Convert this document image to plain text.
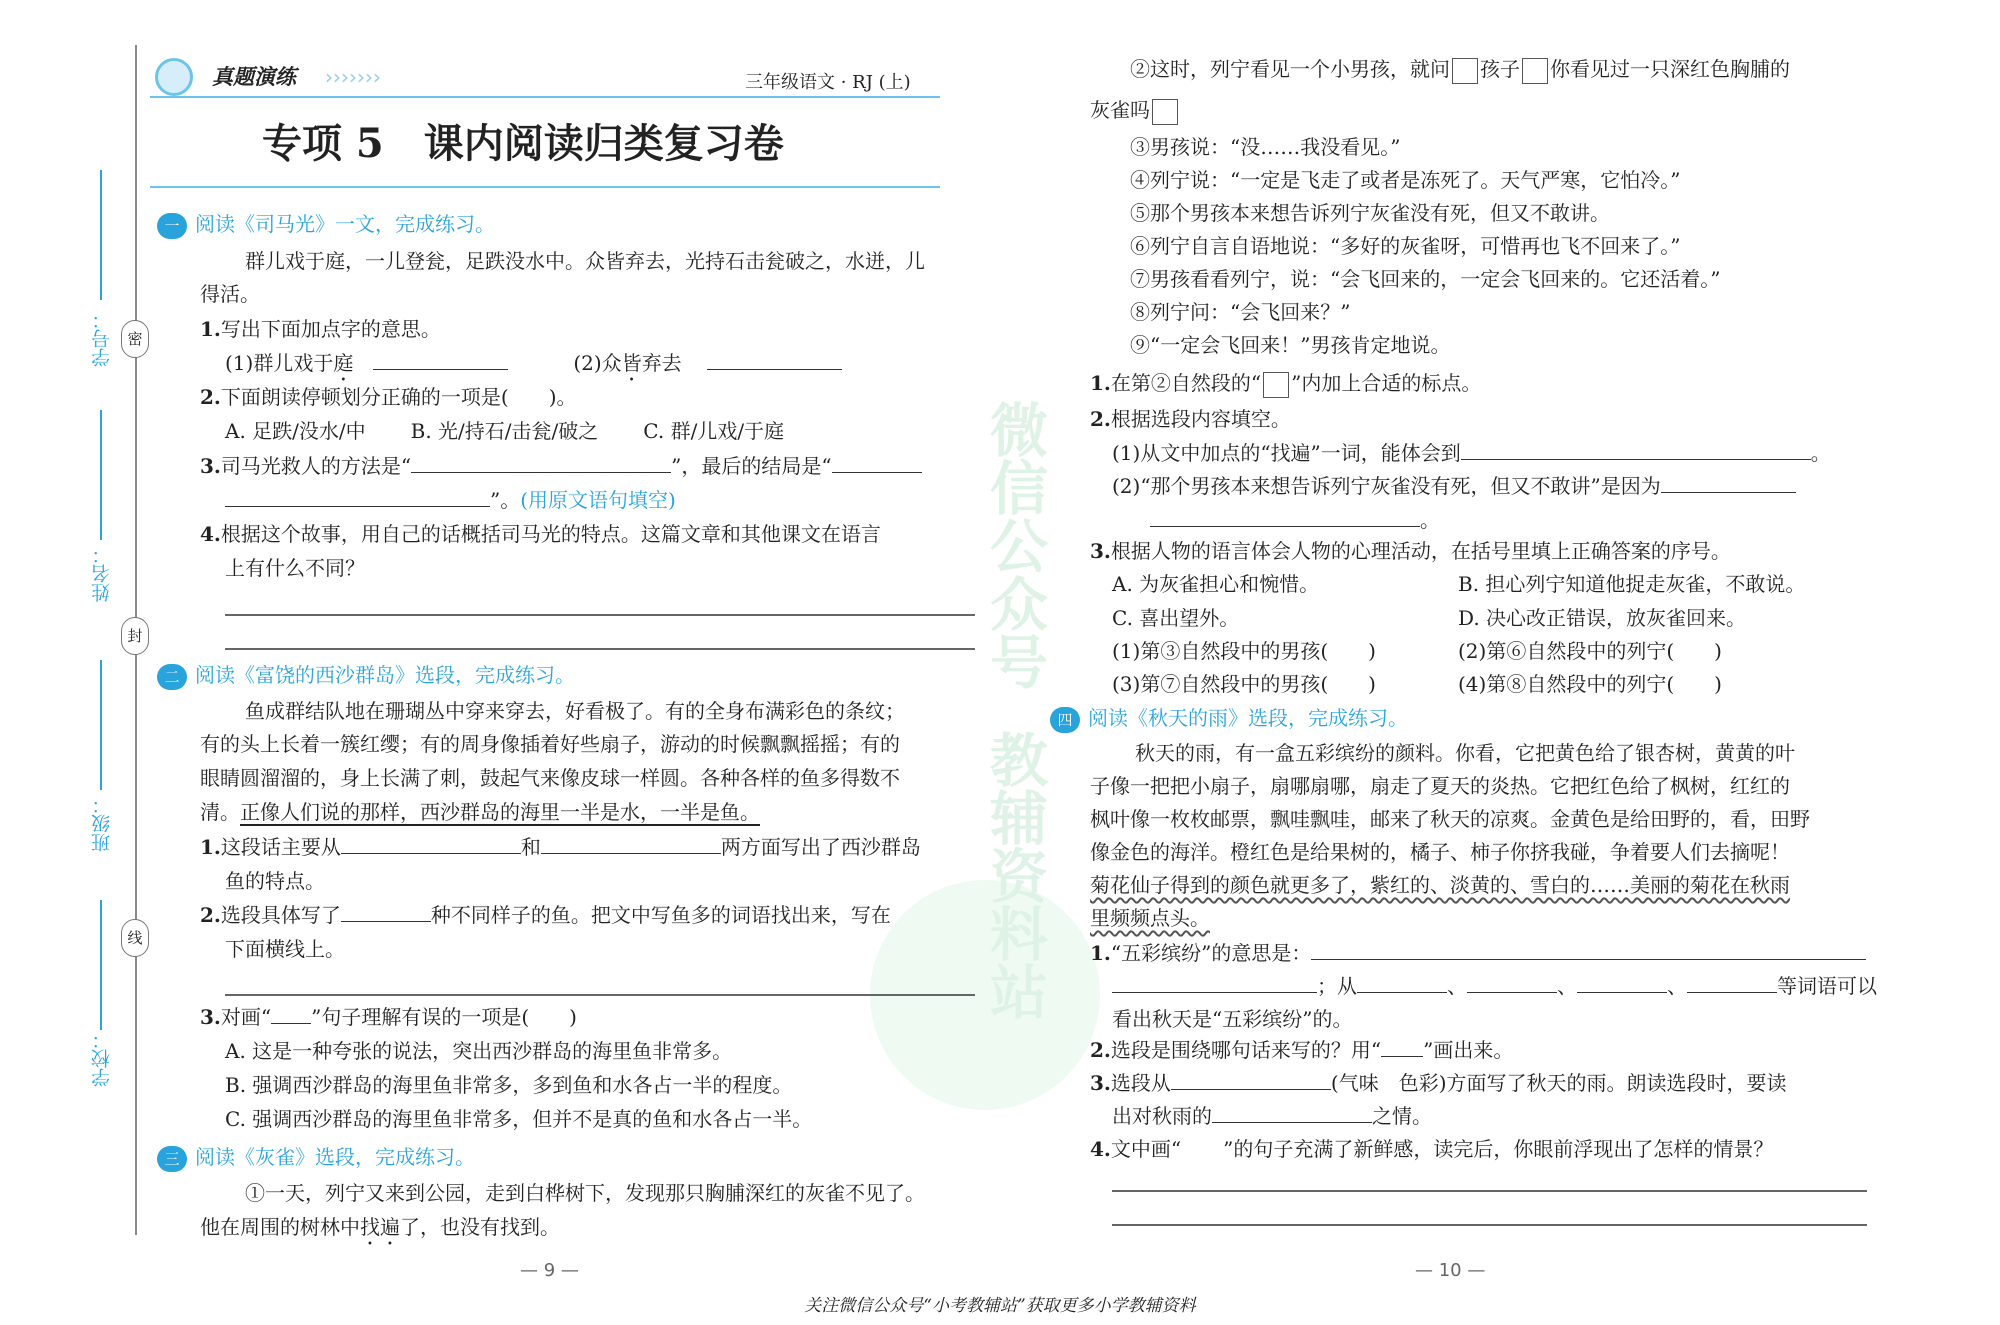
微信公众号
教辅资料站
学号：
姓名：
班级：
学校：
密
封
线
真题演练 ›››››››	三年级语文 · RJ (上)
专项 5　课内阅读归类复习卷
一 阅读《司马光》一文，完成练习。
群儿戏于庭，一儿登瓮，足跌没水中。众皆弃去，光持石击瓮破之，水迸，儿
得活。
1.写出下面加点字的意思。
(1)群儿戏于庭	(2)众皆弃去
2.下面朗读停顿划分正确的一项是(　　)。
A. 足跌/没水/中 B. 光/持石/击瓮/破之 C. 群/儿戏/于庭
3.司马光救人的方法是“	”，最后的结局是“
”。(用原文语句填空)
4.根据这个故事，用自己的话概括司马光的特点。这篇文章和其他课文在语言
上有什么不同？
二 阅读《富饶的西沙群岛》选段，完成练习。
鱼成群结队地在珊瑚丛中穿来穿去，好看极了。有的全身布满彩色的条纹；
有的头上长着一簇红缨；有的周身像插着好些扇子，游动的时候飘飘摇摇；有的
眼睛圆溜溜的，身上长满了刺，鼓起气来像皮球一样圆。各种各样的鱼多得数不
清。正像人们说的那样，西沙群岛的海里一半是水，一半是鱼。
1.这段话主要从	和	两方面写出了西沙群岛
鱼的特点。
2.选段具体写了	种不同样子的鱼。把文中写鱼多的词语找出来，写在
下面横线上。
3.对画“ ”句子理解有误的一项是(　　)
A. 这是一种夸张的说法，突出西沙群岛的海里鱼非常多。
B. 强调西沙群岛的海里鱼非常多，多到鱼和水各占一半的程度。
C. 强调西沙群岛的海里鱼非常多，但并不是真的鱼和水各占一半。
三 阅读《灰雀》选段，完成练习。
①一天，列宁又来到公园，走到白桦树下，发现那只胸脯深红的灰雀不见了。
他在周围的树林中找遍了，也没有找到。
— 9 —
②这时，列宁看见一个小男孩，就问 孩子 你看见过一只深红色胸脯的
灰雀吗
③男孩说：“没……我没看见。”
④列宁说：“一定是飞走了或者是冻死了。天气严寒，它怕冷。”
⑤那个男孩本来想告诉列宁灰雀没有死，但又不敢讲。
⑥列宁自言自语地说：“多好的灰雀呀，可惜再也飞不回来了。”
⑦男孩看看列宁，说：“会飞回来的，一定会飞回来的。它还活着。”
⑧列宁问：“会飞回来？”
⑨“一定会飞回来！”男孩肯定地说。
1.在第②自然段的“ ”内加上合适的标点。
2.根据选段内容填空。
(1)从文中加点的“找遍”一词，能体会到	。
(2)“那个男孩本来想告诉列宁灰雀没有死，但又不敢讲”是因为
。
3.根据人物的语言体会人物的心理活动，在括号里填上正确答案的序号。
A. 为灰雀担心和惋惜。	B. 担心列宁知道他捉走灰雀，不敢说。
C. 喜出望外。	D. 决心改正错误，放灰雀回来。
(1)第③自然段中的男孩(　　)	(2)第⑥自然段中的列宁(　　)
(3)第⑦自然段中的男孩(　　)	(4)第⑧自然段中的列宁(　　)
四 阅读《秋天的雨》选段，完成练习。
秋天的雨，有一盒五彩缤纷的颜料。你看，它把黄色给了银杏树，黄黄的叶
子像一把把小扇子，扇哪扇哪，扇走了夏天的炎热。它把红色给了枫树，红红的
枫叶像一枚枚邮票，飘哇飘哇，邮来了秋天的凉爽。金黄色是给田野的，看，田野
像金色的海洋。橙红色是给果树的，橘子、柿子你挤我碰，争着要人们去摘呢！
菊花仙子得到的颜色就更多了，紫红的、淡黄的、雪白的……美丽的菊花在秋雨
里频频点头。
1.“五彩缤纷”的意思是：
；从	、	、	、	等词语可以
看出秋天是“五彩缤纷”的。
2.选段是围绕哪句话来写的？用“ ”画出来。
3.选段从	(气味　色彩)方面写了秋天的雨。朗读选段时，要读
出对秋雨的	之情。
4.文中画“ ”的句子充满了新鲜感，读完后，你眼前浮现出了怎样的情景？
— 10 —
关注微信公众号“小考教辅站”获取更多小学教辅资料
